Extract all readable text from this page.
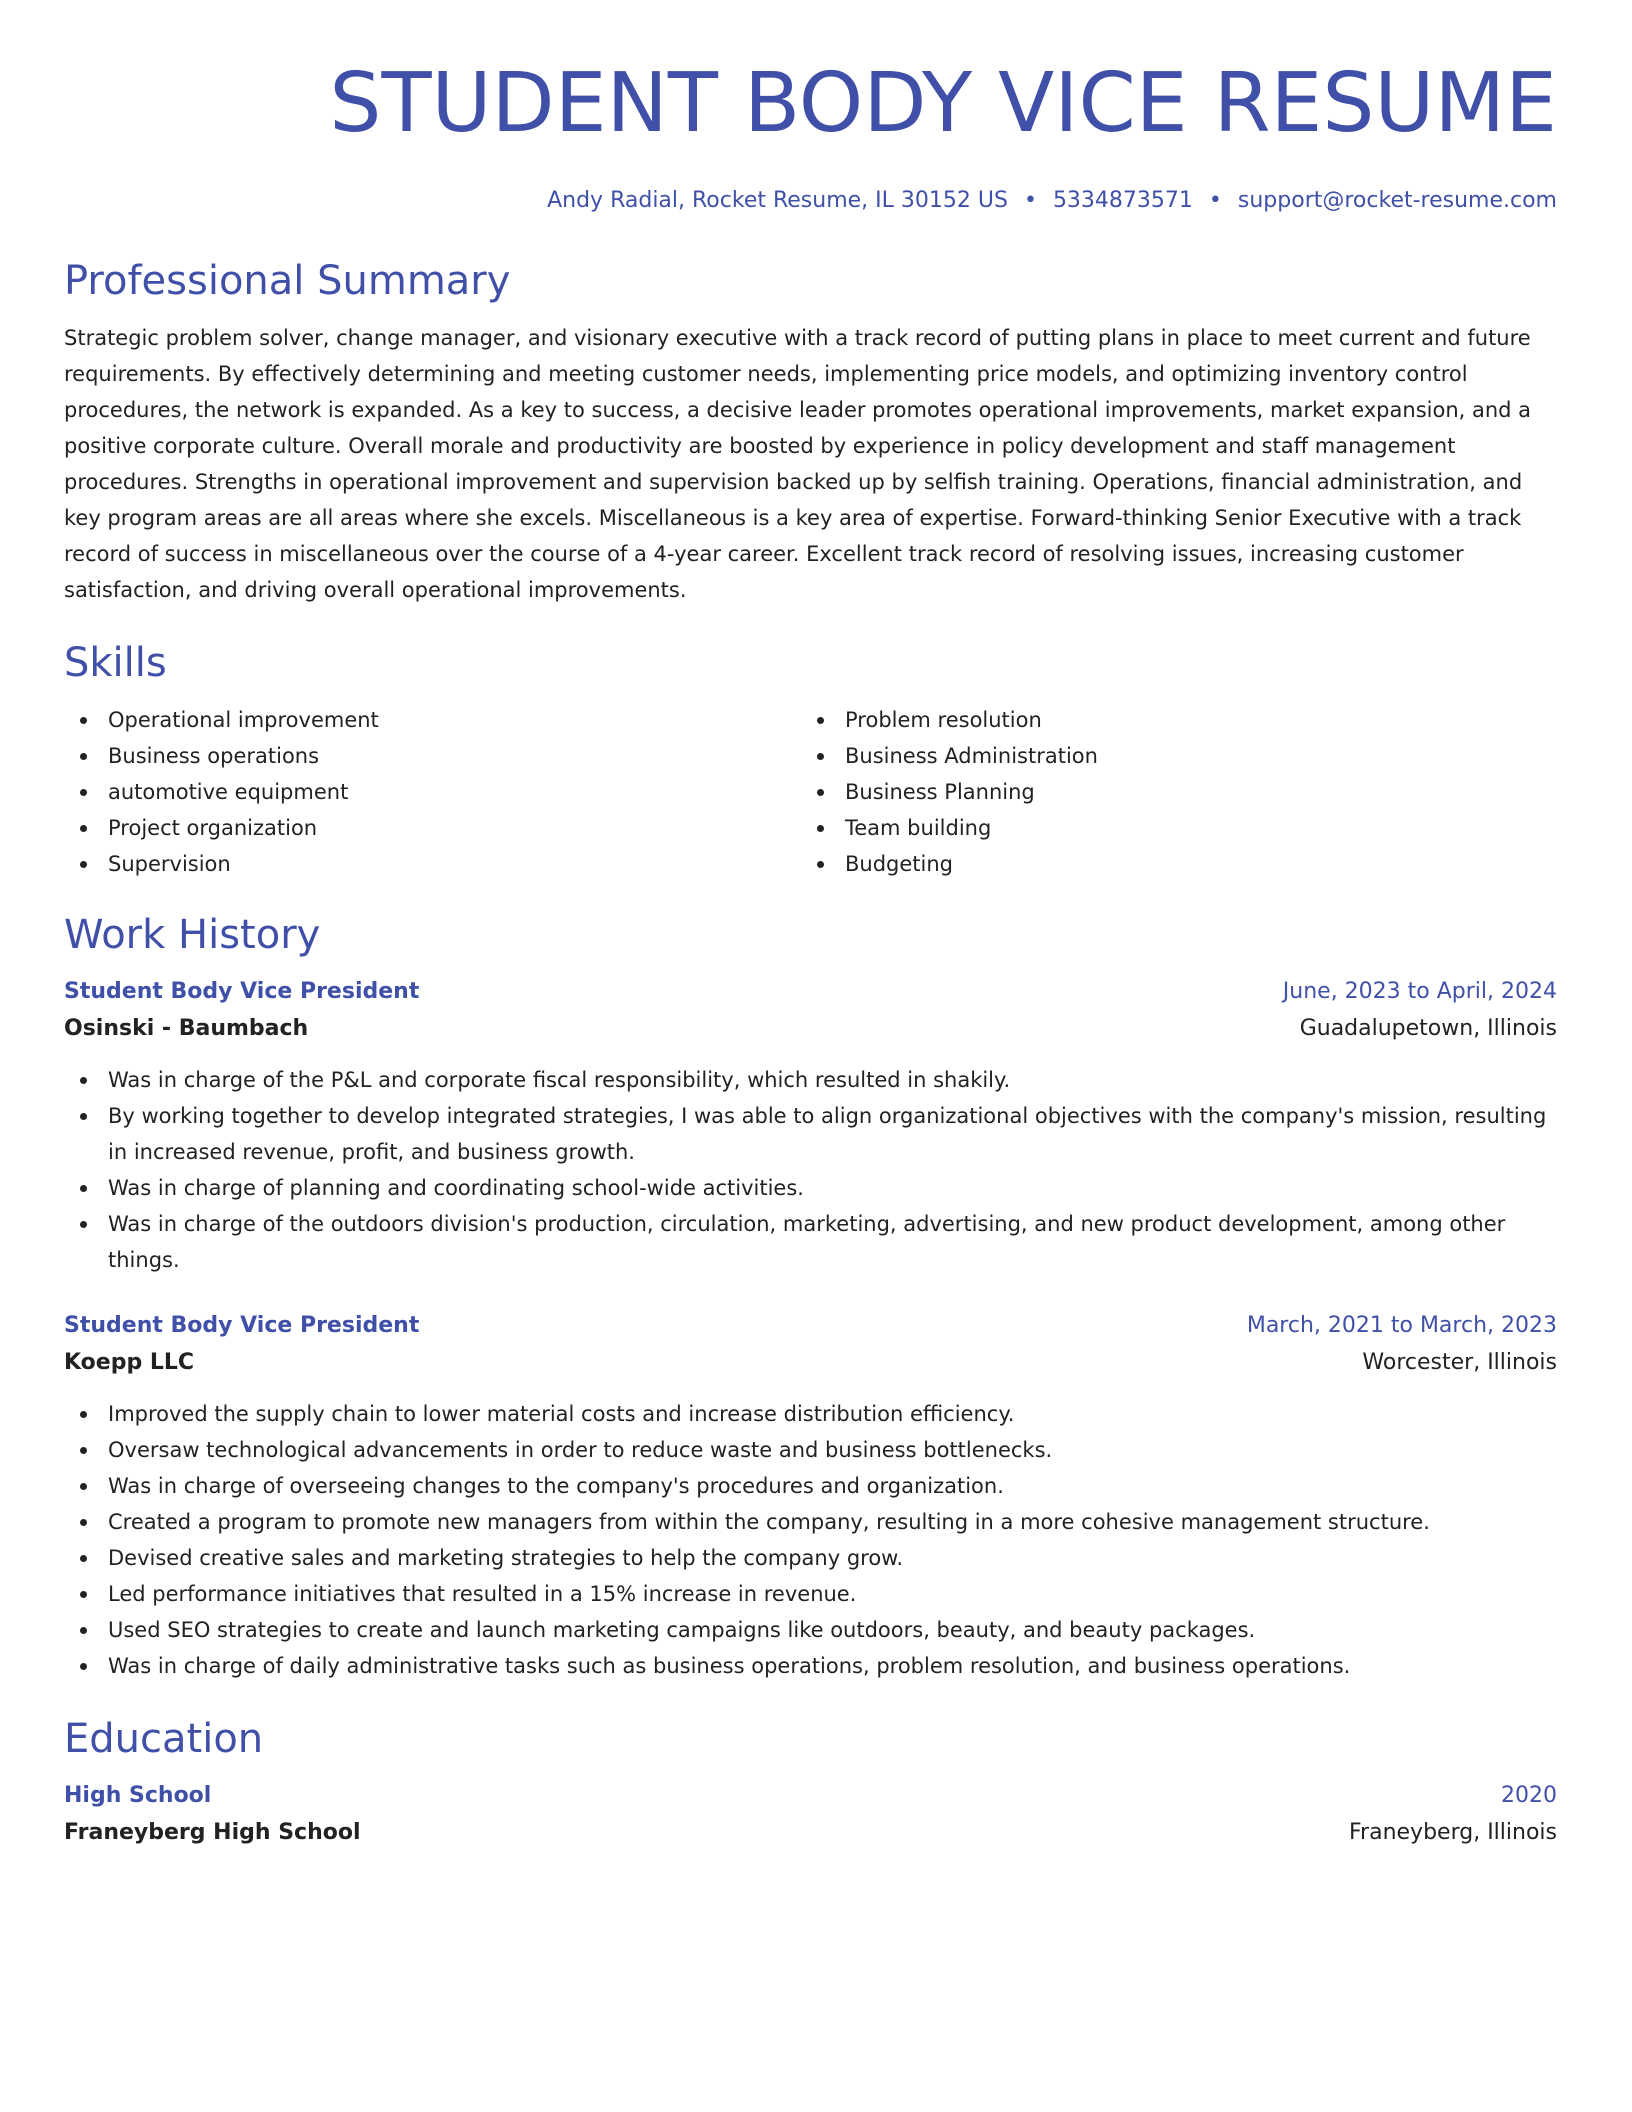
STUDENT BODY VICE RESUME
Andy Radial, Rocket Resume, IL 30152 US • 5334873571 • support@rocket-resume.com
Professional Summary

Strategic problem solver, change manager, and visionary executive with a track record of putting plans in place to meet current and future requirements. By effectively determining and meeting customer needs, implementing price models, and optimizing inventory control procedures, the network is expanded. As a key to success, a decisive leader promotes operational improvements, market expansion, and a positive corporate culture. Overall morale and productivity are boosted by experience in policy development and staff management procedures. Strengths in operational improvement and supervision backed up by selfish training. Operations, financial administration, and key program areas are all areas where she excels. Miscellaneous is a key area of expertise. Forward-thinking Senior Executive with a track record of success in miscellaneous over the course of a 4-year career. Excellent track record of resolving issues, increasing customer satisfaction, and driving overall operational improvements.

Skills
Operational improvement
Business operations
automotive equipment
Project organization
Supervision
Problem resolution
Business Administration
Business Planning
Team building
Budgeting
Work History
Student Body Vice President	June, 2023 to April, 2024
Osinski - Baumbach	Guadalupetown, Illinois
Was in charge of the P&L and corporate fiscal responsibility, which resulted in shakily.
By working together to develop integrated strategies, I was able to align organizational objectives with the company's mission, resulting in increased revenue, profit, and business growth.
Was in charge of planning and coordinating school-wide activities.
Was in charge of the outdoors division's production, circulation, marketing, advertising, and new product development, among other things.
Student Body Vice President	March, 2021 to March, 2023
Koepp LLC	Worcester, Illinois
Improved the supply chain to lower material costs and increase distribution efficiency.
Oversaw technological advancements in order to reduce waste and business bottlenecks.
Was in charge of overseeing changes to the company's procedures and organization.
Created a program to promote new managers from within the company, resulting in a more cohesive management structure.
Devised creative sales and marketing strategies to help the company grow.
Led performance initiatives that resulted in a 15% increase in revenue.
Used SEO strategies to create and launch marketing campaigns like outdoors, beauty, and beauty packages.
Was in charge of daily administrative tasks such as business operations, problem resolution, and business operations.
Education
High School	2020
Franeyberg High School	Franeyberg, Illinois
